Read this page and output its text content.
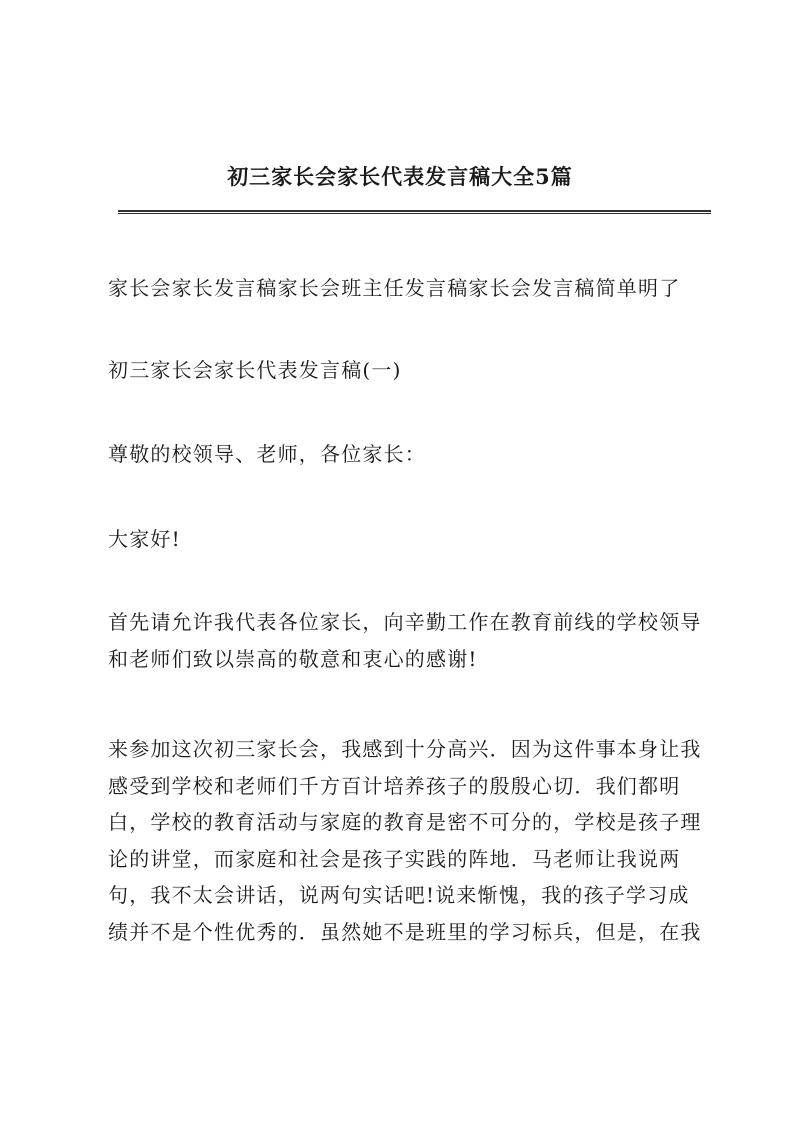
初三家长会家长代表发言稿大全5篇

家长会家长发言稿家长会班主任发言稿家长会发言稿简单明了

初三家长会家长代表发言稿(一)

尊敬的校领导、老师，各位家长：

大家好!

首先请允许我代表各位家长，向辛勤工作在教育前线的学校领导
和老师们致以崇高的敬意和衷心的感谢!

来参加这次初三家长会，我感到十分高兴．因为这件事本身让我
感受到学校和老师们千方百计培养孩子的殷殷心切．我们都明
白，学校的教育活动与家庭的教育是密不可分的，学校是孩子理
论的讲堂，而家庭和社会是孩子实践的阵地．马老师让我说两
句，我不太会讲话，说两句实话吧!说来惭愧，我的孩子学习成
绩并不是个性优秀的．虽然她不是班里的学习标兵，但是，在我
